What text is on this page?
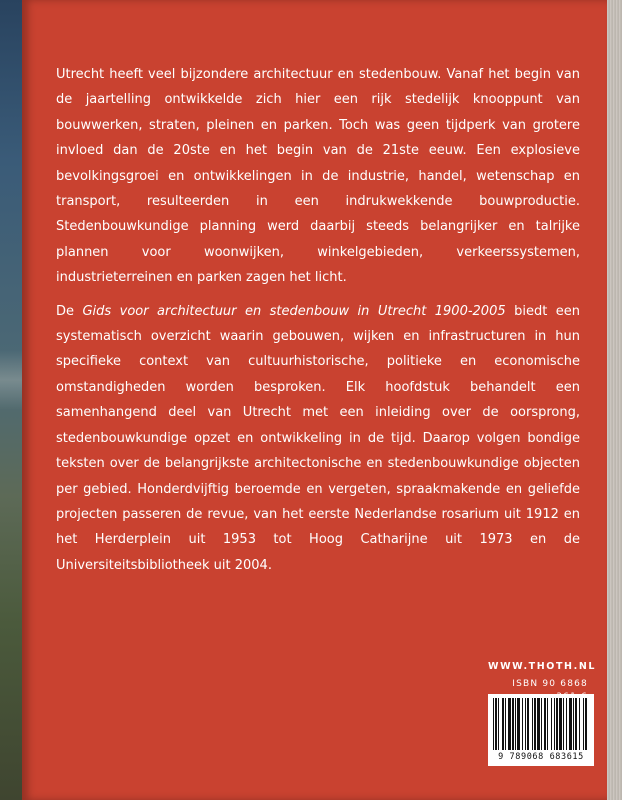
Utrecht heeft veel bijzondere architectuur en stedenbouw. Vanaf het begin van de jaartelling ontwikkelde zich hier een rijk stedelijk knooppunt van bouwwerken, straten, pleinen en parken. Toch was geen tijdperk van grotere invloed dan de 20ste en het begin van de 21ste eeuw. Een explosieve bevolkingsgroei en ontwikkelingen in de industrie, handel, wetenschap en transport, resulteerden in een indrukwekkende bouwproductie. Stedenbouwkundige planning werd daarbij steeds belangrijker en talrijke plannen voor woonwijken, winkelgebieden, verkeerssystemen, industrieterreinen en parken zagen het licht.

De Gids voor architectuur en stedenbouw in Utrecht 1900-2005 biedt een systematisch overzicht waarin gebouwen, wijken en infrastructuren in hun specifieke context van cultuurhistorische, politieke en economische omstandigheden worden besproken. Elk hoofdstuk behandelt een samenhangend deel van Utrecht met een inleiding over de oorsprong, stedenbouwkundige opzet en ontwikkeling in de tijd. Daarop volgen bondige teksten over de belangrijkste architectonische en stedenbouwkundige objecten per gebied. Honderdvijftig beroemde en vergeten, spraakmakende en geliefde projecten passeren de revue, van het eerste Nederlandse rosarium uit 1912 en het Herderplein uit 1953 tot Hoog Catharijne uit 1973 en de Universiteitsbibliotheek uit 2004.

WWW.THOTH.NL
ISBN 90 6868
9 789068 683615
